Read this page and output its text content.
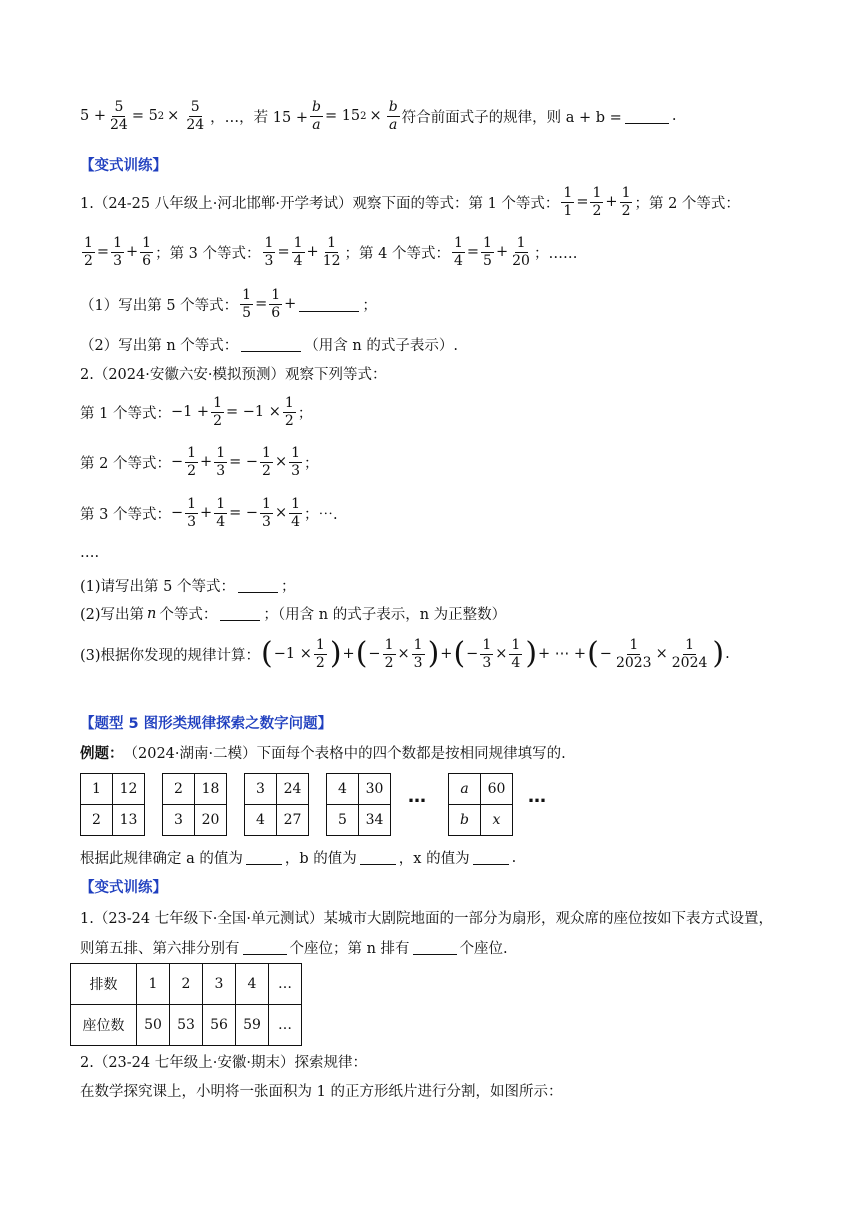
$5 + \frac{5}{24} = 5$ $2 \times \frac{5}{24}$ ，…，若 $15 + \frac{b}{a} = 15$ $2 \times \frac{b}{a}$ 符合前面式子的规律，则 a + b =	.
【变式训练】
1.（24-25 八年级上·河北邯郸·开学考试）观察下面的等式：第 1 个等式： $\frac{1}{1} = \frac{1}{2} + \frac{1}{2}$ ；第 2 个等式：
$\frac{1}{2} = \frac{1}{3} + \frac{1}{6}$ ；第 3 个等式： $\frac{1}{3} = \frac{1}{4} + \frac{1}{12}$ ；第 4 个等式： $\frac{1}{4} = \frac{1}{5} + \frac{1}{20}$ ；……
（1）写出第 5 个等式： $\frac{1}{5} = \frac{1}{6}$ +	；
（2）写出第 n 个等式：	（用含 n 的式子表示）.
2.（2024·安徽六安·模拟预测）观察下列等式：
第 1 个等式： $-1 + \frac{1}{2} = -1 \times \frac{1}{2}$ ；
第 2 个等式： − $\frac{1}{2} + \frac{1}{3}$ = − $\frac{1}{2} \times \frac{1}{3}$ ；
第 3 个等式： − $\frac{1}{3} + \frac{1}{4}$ = − $\frac{1}{3} \times \frac{1}{4}$ ；⋯.
….
(1)请写出第 5 个等式：	；
(2)写出第 n 个等式：	；（用含 n 的式子表示，n 为正整数）
(3)根据你发现的规律计算： ( $-1 \times \frac{1}{2}$ ) + ( − $\frac{1}{2} \times \frac{1}{3}$ ) + ( − $\frac{1}{3} \times \frac{1}{4}$ ) + ⋯ + ( − $\frac{1}{2023} \times \frac{1}{2024}$ ) .
【题型 5 图形类规律探索之数字问题】
例题： （2024·湖南·二模）下面每个表格中的四个数都是按相同规律填写的.
1	12
2	13
2	18
3	20
3	24
4	27
4	30
5	34
… a	60
b	x
…
根据此规律确定 a 的值为	，b 的值为	，x 的值为	.
【变式训练】
1.（23-24 七年级下·全国·单元测试）某城市大剧院地面的一部分为扇形，观众席的座位按如下表方式设置，
则第五排、第六排分别有	个座位；第 n 排有	个座位.
排数	1	2	3	4	…
座位数	50	53	56	59	…
2.（23-24 七年级上·安徽·期末）探索规律：
在数学探究课上，小明将一张面积为 1 的正方形纸片进行分割，如图所示：
